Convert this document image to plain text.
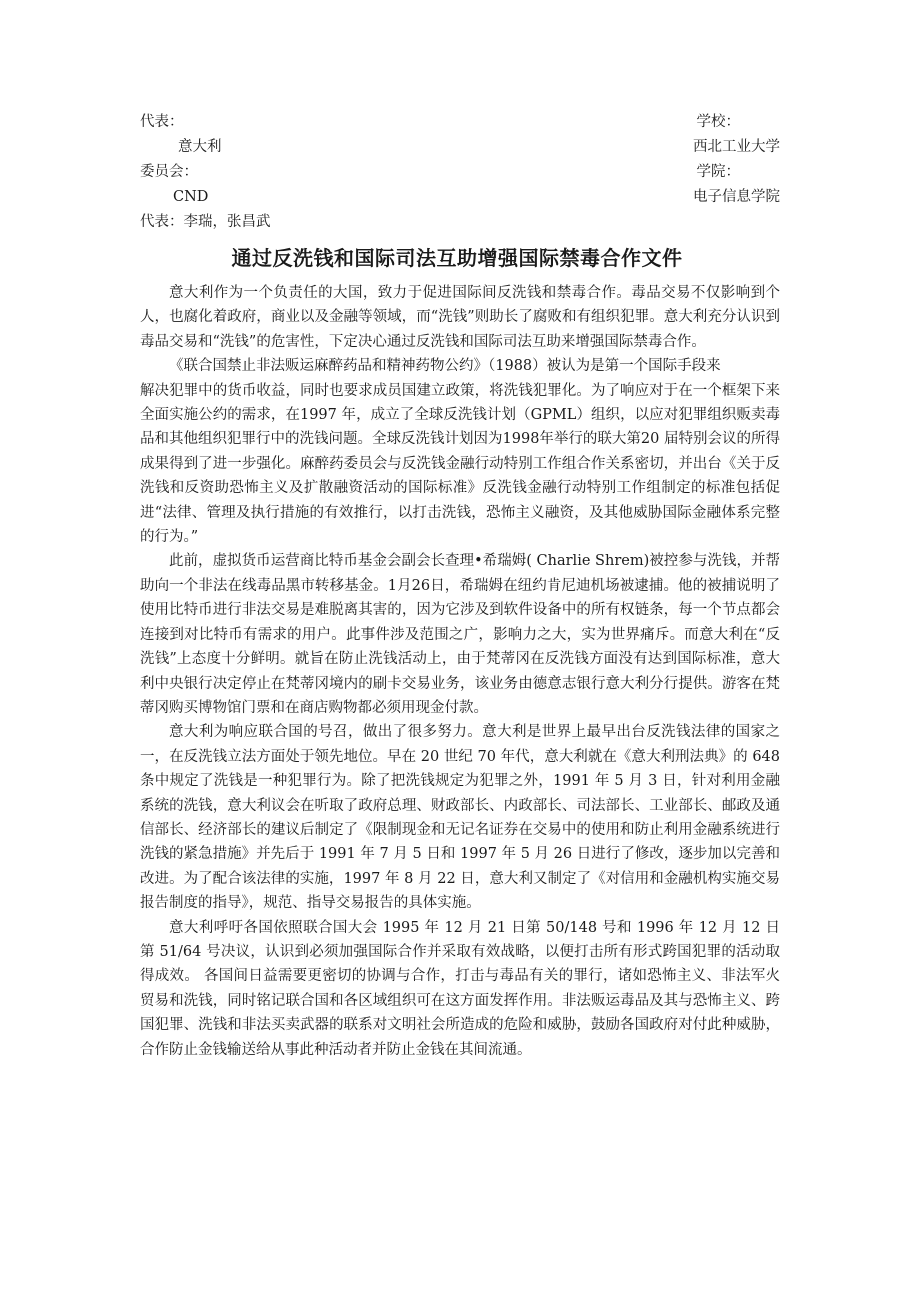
代表：	学校：
意大利	西北工业大学
委员会：	学院：
CND	电子信息学院
代表：李瑞，张昌武
通过反洗钱和国际司法互助增强国际禁毒合作文件

意大利作为一个负责任的大国，致力于促进国际间反洗钱和禁毒合作。毒品交易不仅影响到个人，也腐化着政府，商业以及金融等领域，而“洗钱”则助长了腐败和有组织犯罪。意大利充分认识到毒品交易和“洗钱”的危害性，下定决心通过反洗钱和国际司法互助来增强国际禁毒合作。

《联合国禁止非法贩运麻醉药品和精神药物公约》（1988）被认为是第一个国际手段来

解决犯罪中的货币收益，同时也要求成员国建立政策，将洗钱犯罪化。为了响应对于在一个框架下来全面实施公约的需求，在1997 年，成立了全球反洗钱计划（GPML）组织，以应对犯罪组织贩卖毒品和其他组织犯罪行中的洗钱问题。全球反洗钱计划因为1998年举行的联大第20 届特别会议的所得成果得到了进一步强化。麻醉药委员会与反洗钱金融行动特别工作组合作关系密切，并出台《关于反洗钱和反资助恐怖主义及扩散融资活动的国际标准》反洗钱金融行动特别工作组制定的标准包括促进“法律、管理及执行措施的有效推行，以打击洗钱，恐怖主义融资，及其他威胁国际金融体系完整的行为。”

此前，虚拟货币运营商比特币基金会副会长查理•希瑞姆( Charlie Shrem)被控参与洗钱，并帮助向一个非法在线毒品黑市转移基金。1月26日，希瑞姆在纽约肯尼迪机场被逮捕。他的被捕说明了使用比特币进行非法交易是难脱离其害的，因为它涉及到软件设备中的所有权链条，每一个节点都会连接到对比特币有需求的用户。此事件涉及范围之广，影响力之大，实为世界痛斥。而意大利在“反洗钱”上态度十分鲜明。就旨在防止洗钱活动上，由于梵蒂冈在反洗钱方面没有达到国际标准，意大利中央银行决定停止在梵蒂冈境内的刷卡交易业务，该业务由德意志银行意大利分行提供。游客在梵蒂冈购买博物馆门票和在商店购物都必须用现金付款。

意大利为响应联合国的号召，做出了很多努力。意大利是世界上最早出台反洗钱法律的国家之一，在反洗钱立法方面处于领先地位。早在 20 世纪 70 年代，意大利就在《意大利刑法典》的 648 条中规定了洗钱是一种犯罪行为。除了把洗钱规定为犯罪之外，1991 年 5 月 3 日，针对利用金融系统的洗钱，意大利议会在听取了政府总理、财政部长、内政部长、司法部长、工业部长、邮政及通信部长、经济部长的建议后制定了《限制现金和无记名证券在交易中的使用和防止利用金融系统进行洗钱的紧急措施》并先后于 1991 年 7 月 5 日和 1997 年 5 月 26 日进行了修改，逐步加以完善和改进。为了配合该法律的实施，1997 年 8 月 22 日，意大利又制定了《对信用和金融机构实施交易报告制度的指导》，规范、指导交易报告的具体实施。

意大利呼吁各国依照联合国大会 1995 年 12 月 21 日第 50/148 号和 1996 年 12 月 12 日第 51/64 号决议，认识到必须加强国际合作并采取有效战略，以便打击所有形式跨国犯罪的活动取得成效。 各国间日益需要更密切的协调与合作，打击与毒品有关的罪行，诸如恐怖主义、非法军火贸易和洗钱，同时铭记联合国和各区域组织可在这方面发挥作用。非法贩运毒品及其与恐怖主义、跨国犯罪、洗钱和非法买卖武器的联系对文明社会所造成的危险和威胁，鼓励各国政府对付此种威胁，合作防止金钱输送给从事此种活动者并防止金钱在其间流通。
